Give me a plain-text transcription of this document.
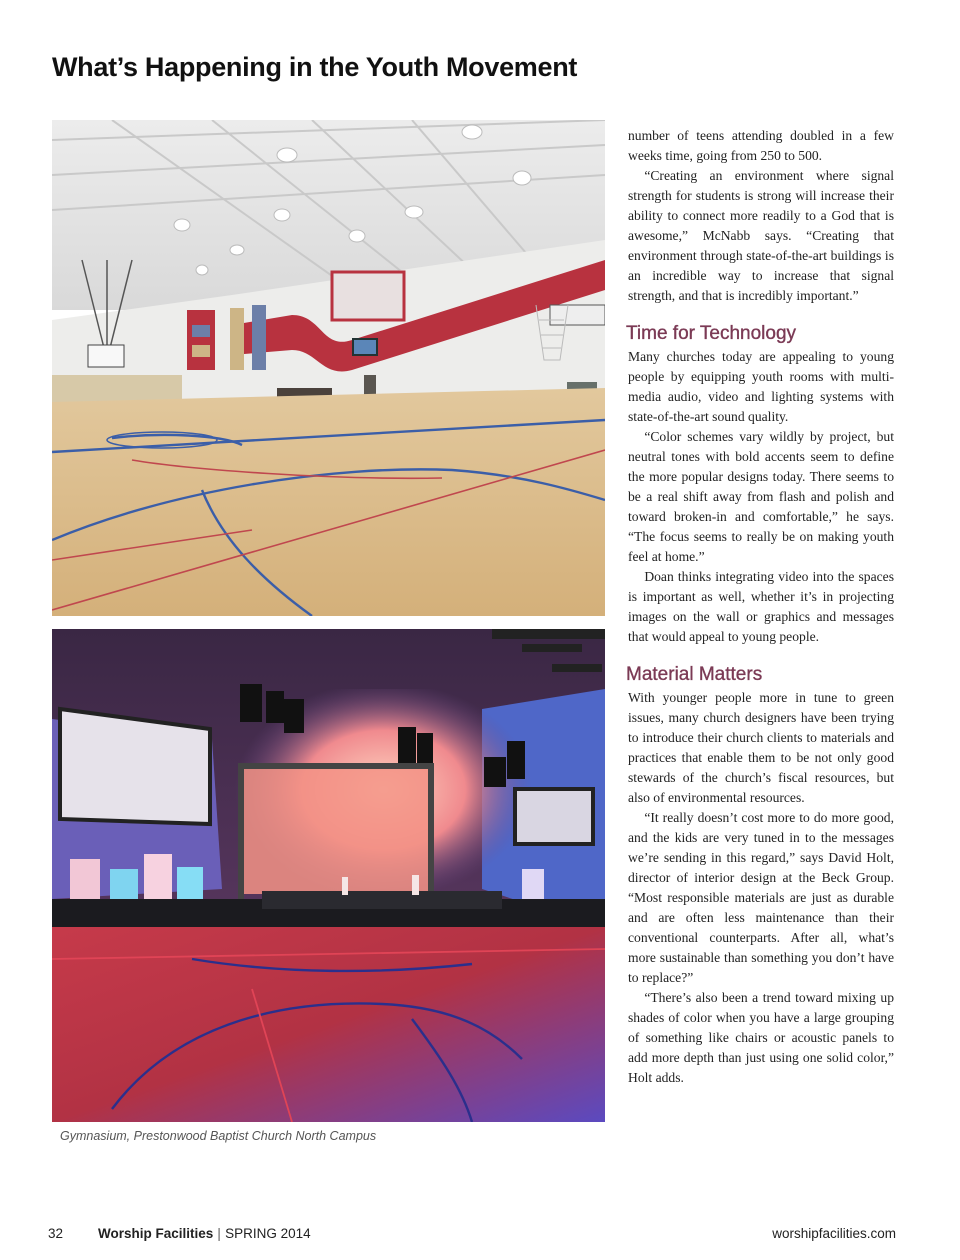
What’s Happening in the Youth Movement
Gymnasium, Prestonwood Baptist Church North Campus

number of teens attending doubled in a few weeks time, going from 250 to 500.

“Creating an environment where signal strength for students is strong will increase their ability to connect more readily to a God that is awesome,” McNabb says. “Creating that environment through state-of-the-art buildings is an incredible way to increase that signal strength, and that is incredibly important.”

Time for Technology

Many churches today are appealing to young people by equipping youth rooms with multi-media audio, video and lighting systems with state-of-the-art sound quality.

“Color schemes vary wildly by project, but neutral tones with bold accents seem to define the more popular designs today. There seems to be a real shift away from flash and polish and toward broken-in and comfortable,” he says. “The focus seems to really be on making youth feel at home.”

Doan thinks integrating video into the spaces is important as well, whether it’s in projecting images on the wall or graphics and messages that would appeal to young people.

Material Matters

With younger people more in tune to green issues, many church designers have been trying to introduce their church clients to materials and practices that enable them to be not only good stewards of the church’s fiscal resources, but also of environmental resources.

“It really doesn’t cost more to do more good, and the kids are very tuned in to the messages we’re sending in this regard,” says David Holt, director of interior design at the Beck Group. “Most responsible materials are just as durable and are often less maintenance than their conventional counterparts. After all, what’s more sustainable than something you don’t have to replace?”

“There’s also been a trend toward mixing up shades of color when you have a large grouping of something like chairs or acoustic panels to add more depth than just using one solid color,” Holt adds.

32	Worship Facilities | SPRING 2014	worshipfacilities.com
